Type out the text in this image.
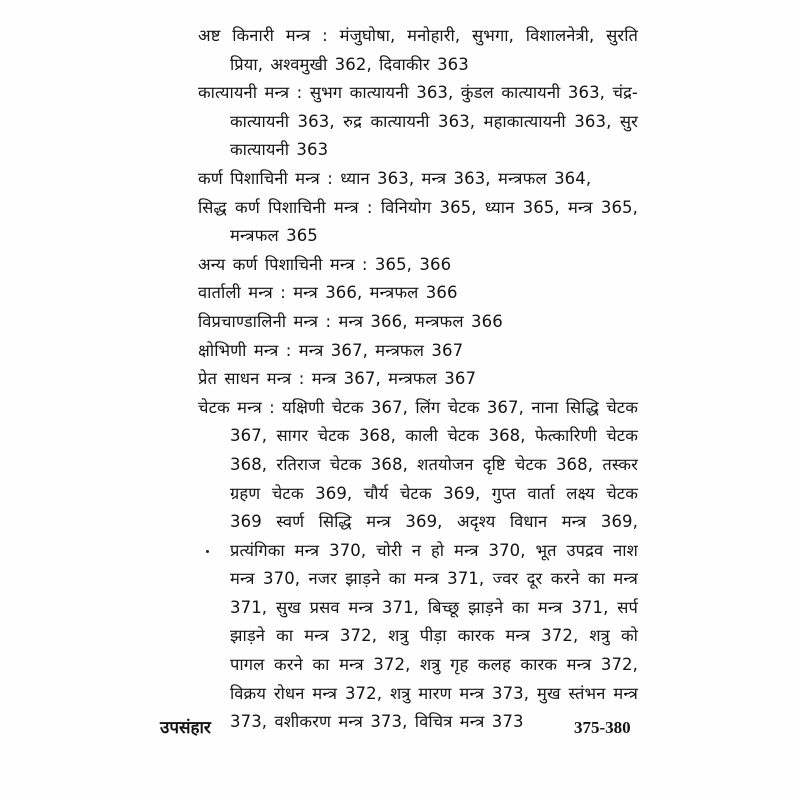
अष्ट किनारी मन्त्र : मंजुघोषा, मनोहारी, सुभगा, विशालनेत्री, सुरति प्रिया, अश्वमुखी 362, दिवाकीर 363
कात्यायनी मन्त्र : सुभग कात्यायनी 363, कुंडल कात्यायनी 363, चंद्र-कात्यायनी 363, रुद्र कात्यायनी 363, महाकात्यायनी 363, सुर कात्यायनी 363
कर्ण पिशाचिनी मन्त्र : ध्यान 363, मन्त्र 363, मन्त्रफल 364,
सिद्ध कर्ण पिशाचिनी मन्त्र : विनियोग 365, ध्यान 365, मन्त्र 365, मन्त्रफल 365
अन्य कर्ण पिशाचिनी मन्त्र : 365, 366
वार्ताली मन्त्र : मन्त्र 366, मन्त्रफल 366
विप्रचाण्डालिनी मन्त्र : मन्त्र 366, मन्त्रफल 366
क्षोभिणी मन्त्र : मन्त्र 367, मन्त्रफल 367
प्रेत साधन मन्त्र : मन्त्र 367, मन्त्रफल 367
चेटक मन्त्र : यक्षिणी चेटक 367, लिंग चेटक 367, नाना सिद्धि चेटक 367, सागर चेटक 368, काली चेटक 368, फेत्कारिणी चेटक 368, रतिराज चेटक 368, शतयोजन दृष्टि चेटक 368, तस्कर ग्रहण चेटक 369, चौर्य चेटक 369, गुप्त वार्ता लक्ष्य चेटक 369 स्वर्ण सिद्धि मन्त्र 369, अदृश्य विधान मन्त्र 369, प्रत्यंगिका मन्त्र 370, चोरी न हो मन्त्र 370, भूत उपद्रव नाश मन्त्र 370, नजर झाड़ने का मन्त्र 371, ज्वर दूर करने का मन्त्र 371, सुख प्रसव मन्त्र 371, बिच्छू झाड़ने का मन्त्र 371, सर्प झाड़ने का मन्त्र 372, शत्रु पीड़ा कारक मन्त्र 372, शत्रु को पागल करने का मन्त्र 372, शत्रु गृह कलह कारक मन्त्र 372, विक्रय रोधन मन्त्र 372, शत्रु मारण मन्त्र 373, मुख स्तंभन मन्त्र 373, वशीकरण मन्त्र 373, विचित्र मन्त्र 373
उपसंहार	375-380
